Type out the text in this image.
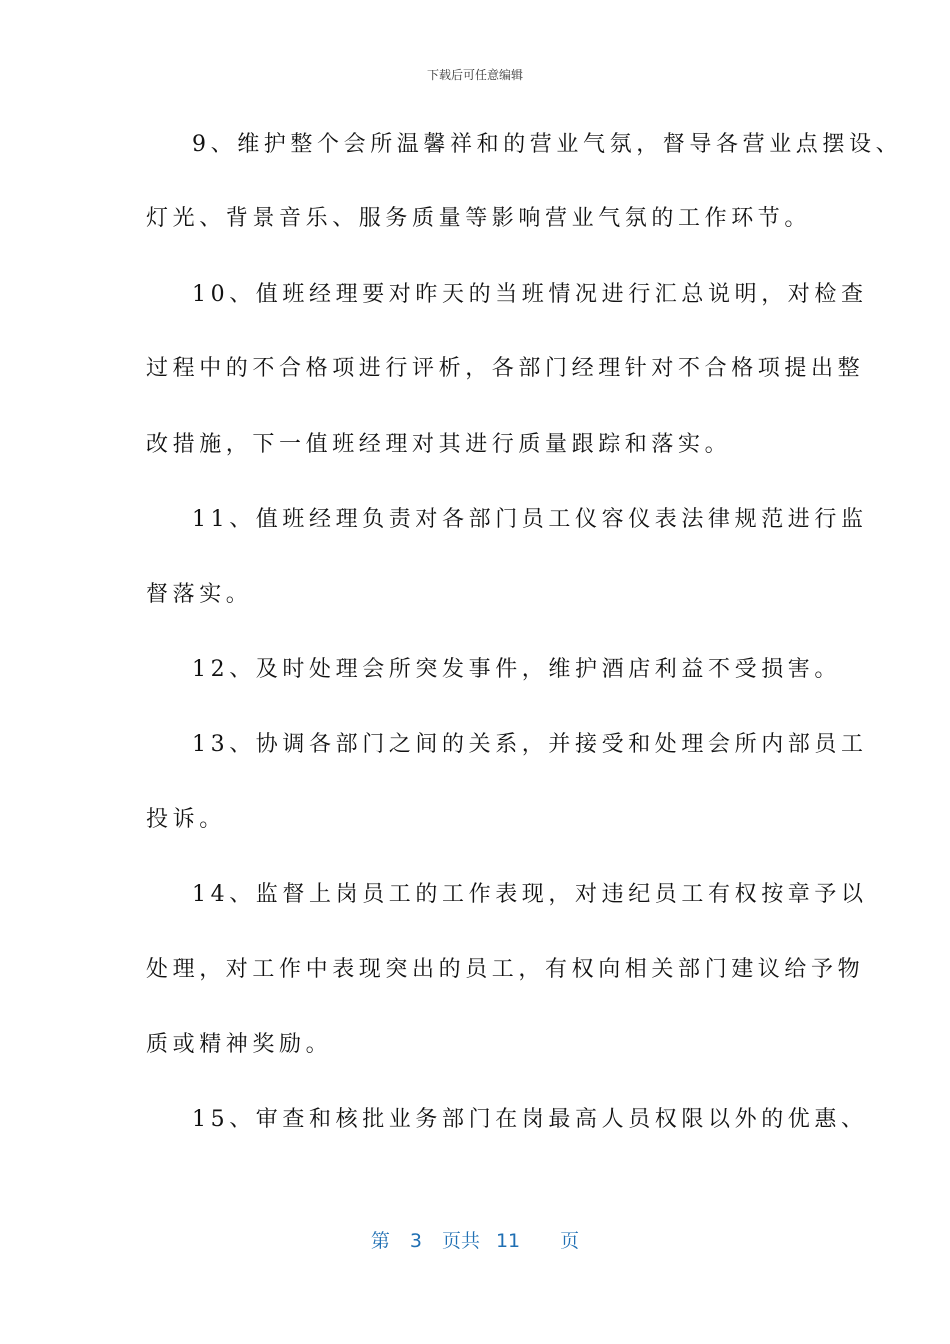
下载后可任意编辑
9、维护整个会所温馨祥和的营业气氛，督导各营业点摆设、
灯光、背景音乐、服务质量等影响营业气氛的工作环节。
10、值班经理要对昨天的当班情况进行汇总说明，对检查
过程中的不合格项进行评析，各部门经理针对不合格项提出整
改措施，下一值班经理对其进行质量跟踪和落实。
11、值班经理负责对各部门员工仪容仪表法律规范进行监
督落实。
12、及时处理会所突发事件，维护酒店利益不受损害。
13、协调各部门之间的关系，并接受和处理会所内部员工
投诉。
14、监督上岗员工的工作表现，对违纪员工有权按章予以
处理，对工作中表现突出的员工，有权向相关部门建议给予物
质或精神奖励。
15、审查和核批业务部门在岗最高人员权限以外的优惠、
第 3 页共 11 页
